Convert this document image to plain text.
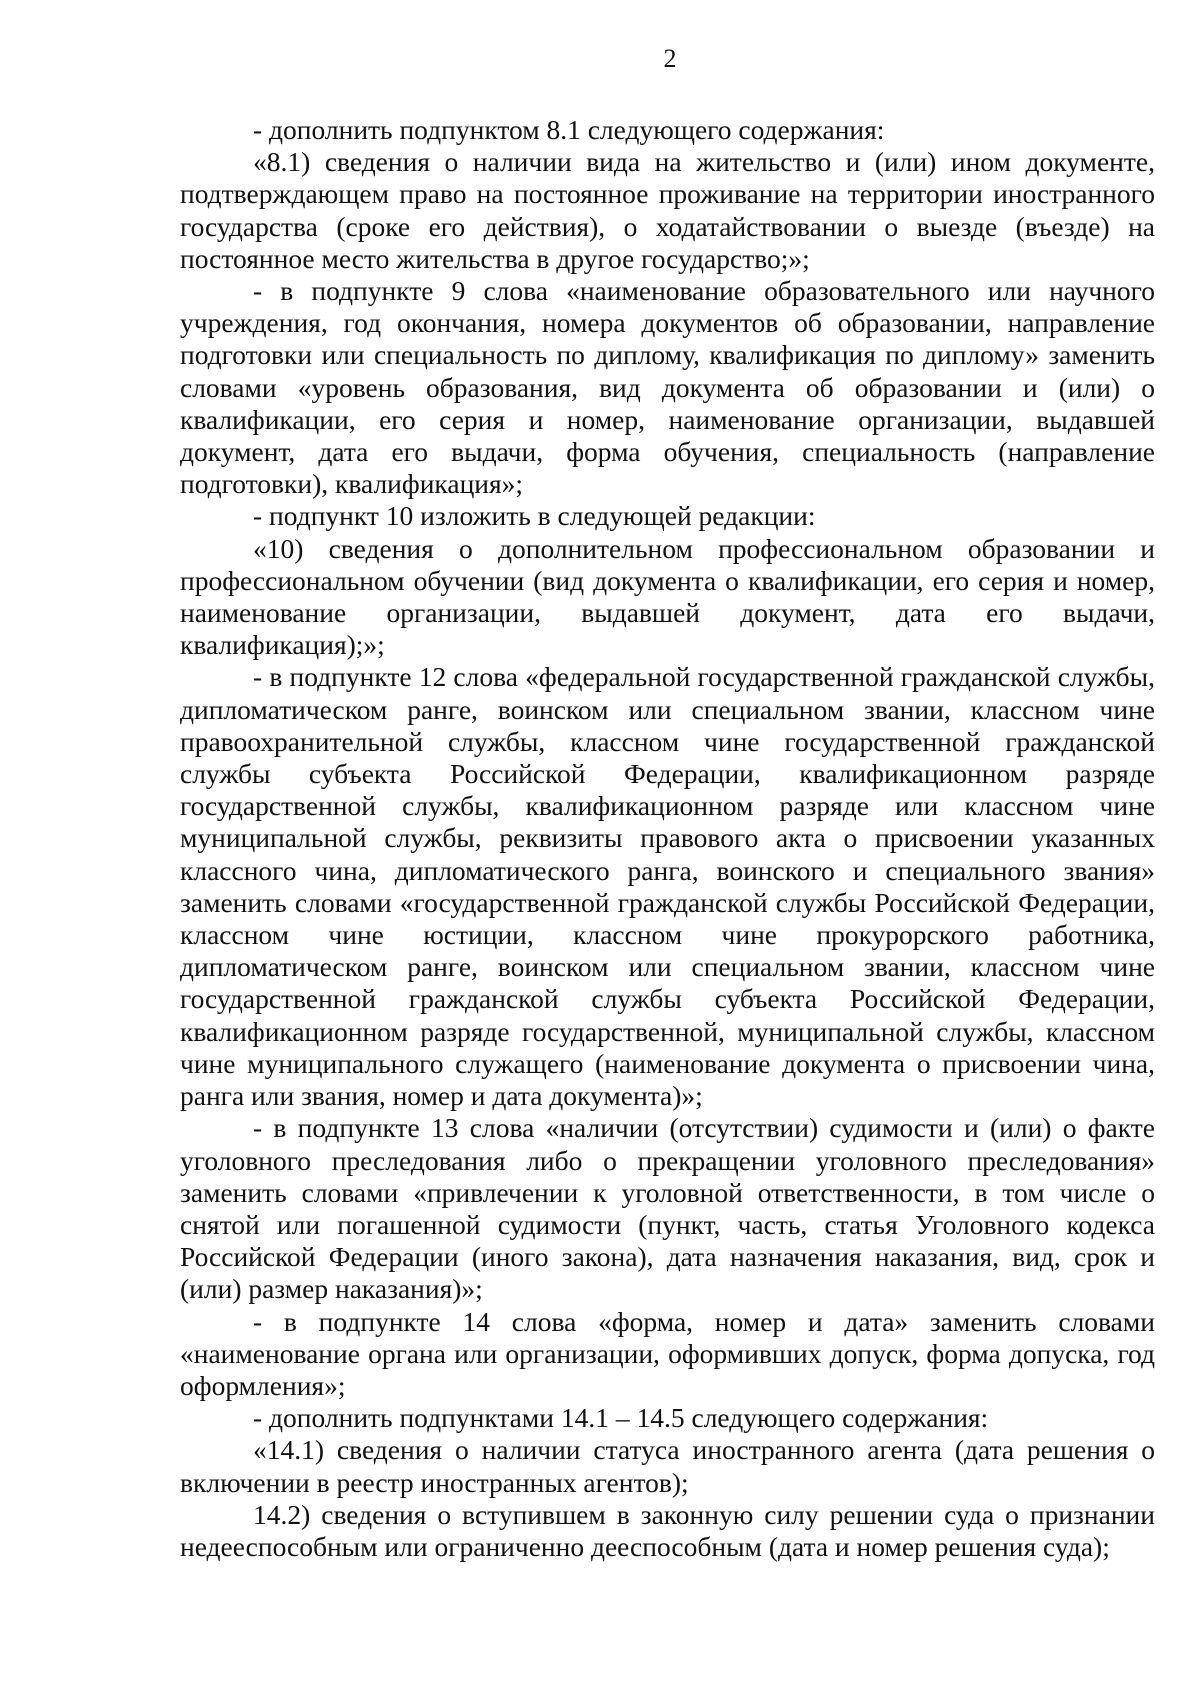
2

- дополнить подпунктом 8.1 следующего содержания:

«8.1) сведения о наличии вида на жительство и (или) ином документе, подтверждающем право на постоянное проживание на территории иностранного государства (сроке его действия), о ходатайствовании о выезде (въезде) на постоянное место жительства в другое государство;»;

- в подпункте 9 слова «наименование образовательного или научного учреждения, год окончания, номера документов об образовании, направление подготовки или специальность по диплому, квалификация по диплому» заменить словами «уровень образования, вид документа об образовании и (или) о квалификации, его серия и номер, наименование организации, выдавшей документ, дата его выдачи, форма обучения, специальность (направление подготовки), квалификация»;

- подпункт 10 изложить в следующей редакции:

«10) сведения о дополнительном профессиональном образовании и профессиональном обучении (вид документа о квалификации, его серия и номер, наименование организации, выдавшей документ, дата его выдачи, квалификация);»;

- в подпункте 12 слова «федеральной государственной гражданской службы, дипломатическом ранге, воинском или специальном звании, классном чине правоохранительной службы, классном чине государственной гражданской службы субъекта Российской Федерации, квалификационном разряде государственной службы, квалификационном разряде или классном чине муниципальной службы, реквизиты правового акта о присвоении указанных классного чина, дипломатического ранга, воинского и специального звания» заменить словами «государственной гражданской службы Российской Федерации, классном чине юстиции, классном чине прокурорского работника, дипломатическом ранге, воинском или специальном звании, классном чине государственной гражданской службы субъекта Российской Федерации, квалификационном разряде государственной, муниципальной службы, классном чине муниципального служащего (наименование документа о присвоении чина, ранга или звания, номер и дата документа)»;

- в подпункте 13 слова «наличии (отсутствии) судимости и (или) о факте уголовного преследования либо о прекращении уголовного преследования» заменить словами «привлечении к уголовной ответственности, в том числе о снятой или погашенной судимости (пункт, часть, статья Уголовного кодекса Российской Федерации (иного закона), дата назначения наказания, вид, срок и (или) размер наказания)»;

- в подпункте 14 слова «форма, номер и дата» заменить словами «наименование органа или организации, оформивших допуск, форма допуска, год оформления»;

- дополнить подпунктами 14.1 – 14.5 следующего содержания:

«14.1) сведения о наличии статуса иностранного агента (дата решения о включении в реестр иностранных агентов);

14.2) сведения о вступившем в законную силу решении суда о признании недееспособным или ограниченно дееспособным (дата и номер решения суда);
